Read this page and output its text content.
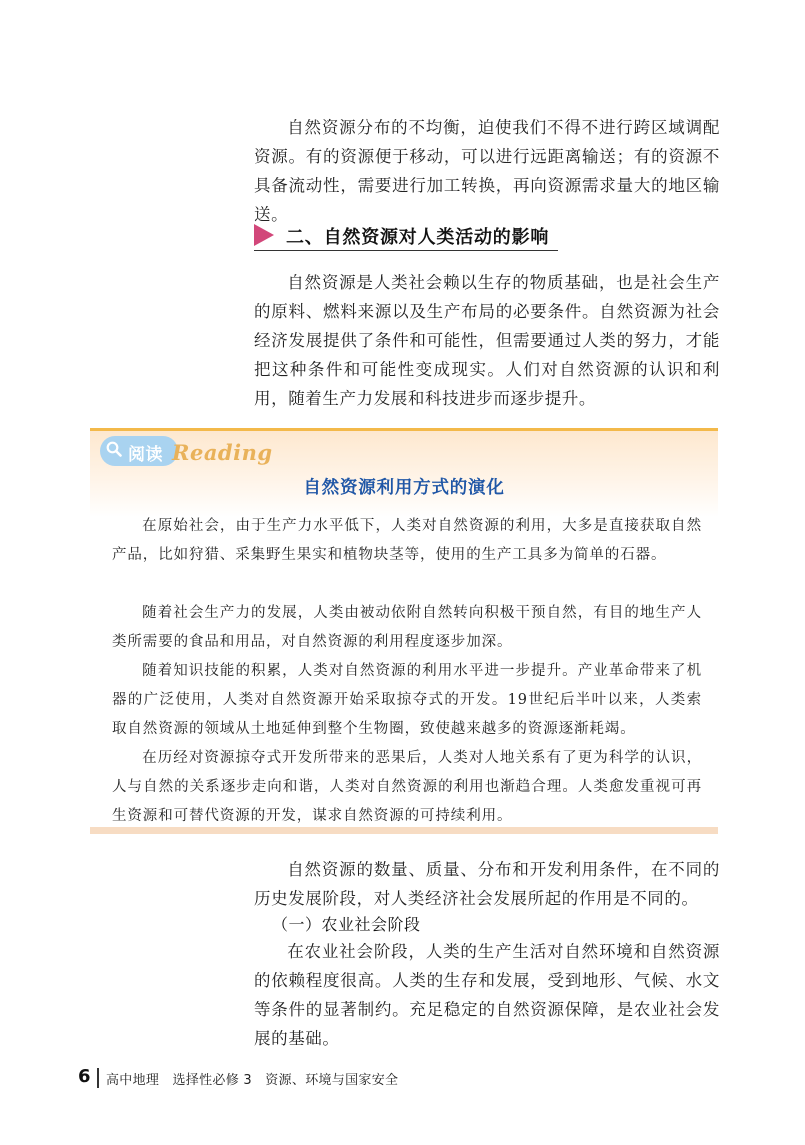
自然资源分布的不均衡，迫使我们不得不进行跨区域调配资源。有的资源便于移动，可以进行远距离输送；有的资源不具备流动性，需要进行加工转换，再向资源需求量大的地区输送。

二、自然资源对人类活动的影响

自然资源是人类社会赖以生存的物质基础，也是社会生产的原料、燃料来源以及生产布局的必要条件。自然资源为社会经济发展提供了条件和可能性，但需要通过人类的努力，才能把这种条件和可能性变成现实。人们对自然资源的认识和利用，随着生产力发展和科技进步而逐步提升。

阅读 Reading
自然资源利用方式的演化

在原始社会，由于生产力水平低下，人类对自然资源的利用，大多是直接获取自然产品，比如狩猎、采集野生果实和植物块茎等，使用的生产工具多为简单的石器。

随着社会生产力的发展，人类由被动依附自然转向积极干预自然，有目的地生产人类所需要的食品和用品，对自然资源的利用程度逐步加深。

随着知识技能的积累，人类对自然资源的利用水平进一步提升。产业革命带来了机器的广泛使用，人类对自然资源开始采取掠夺式的开发。19世纪后半叶以来，人类索取自然资源的领域从土地延伸到整个生物圈，致使越来越多的资源逐渐耗竭。

在历经对资源掠夺式开发所带来的恶果后，人类对人地关系有了更为科学的认识，人与自然的关系逐步走向和谐，人类对自然资源的利用也渐趋合理。人类愈发重视可再生资源和可替代资源的开发，谋求自然资源的可持续利用。

自然资源的数量、质量、分布和开发利用条件，在不同的历史发展阶段，对人类经济社会发展所起的作用是不同的。

（一）农业社会阶段

在农业社会阶段，人类的生产生活对自然环境和自然资源的依赖程度很高。人类的生存和发展，受到地形、气候、水文等条件的显著制约。充足稳定的自然资源保障，是农业社会发展的基础。

6 高中地理　选择性必修 3　资源、环境与国家安全
